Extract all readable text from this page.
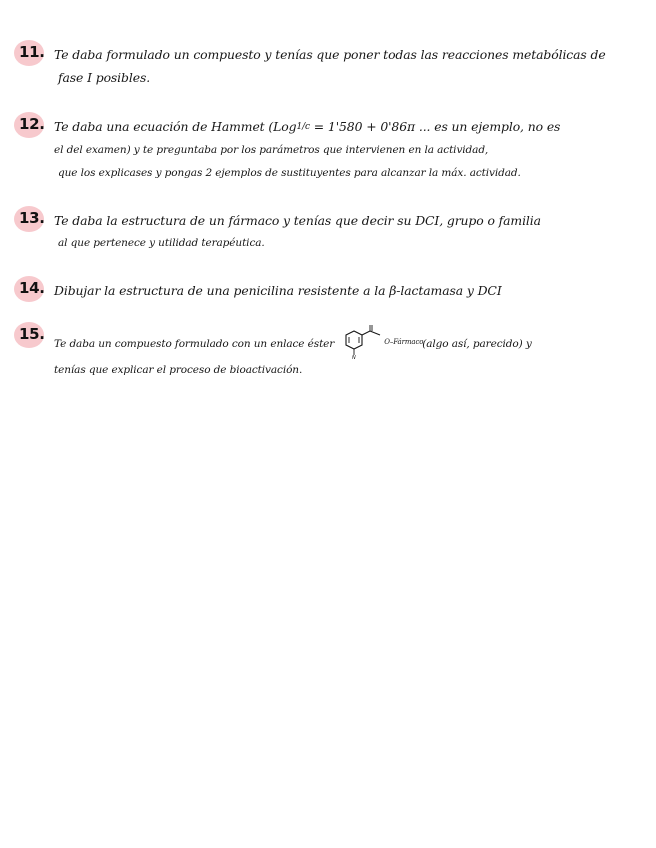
11. Te daba formulado un compuesto y tenías que poner todas las reacciones metabólicas de
fase I posibles.
12. Te daba una ecuación de Hammet (Log1/c = 1'580 + 0'86π ... es un ejemplo, no es
el del examen) y te preguntaba por los parámetros que intervienen en la actividad,
que los explicases y pongas 2 ejemplos de sustituyentes para alcanzar la máx. actividad.
13. Te daba la estructura de un fármaco y tenías que decir su DCI, grupo o familia
al que pertenece y utilidad terapéutica.
14. Dibujar la estructura de una penicilina resistente a la β-lactamasa y DCI
15.
Te daba un compuesto formulado con un enlace éster
N
O–Fármaco
(algo así, parecido) y
tenías que explicar el proceso de bioactivación.
